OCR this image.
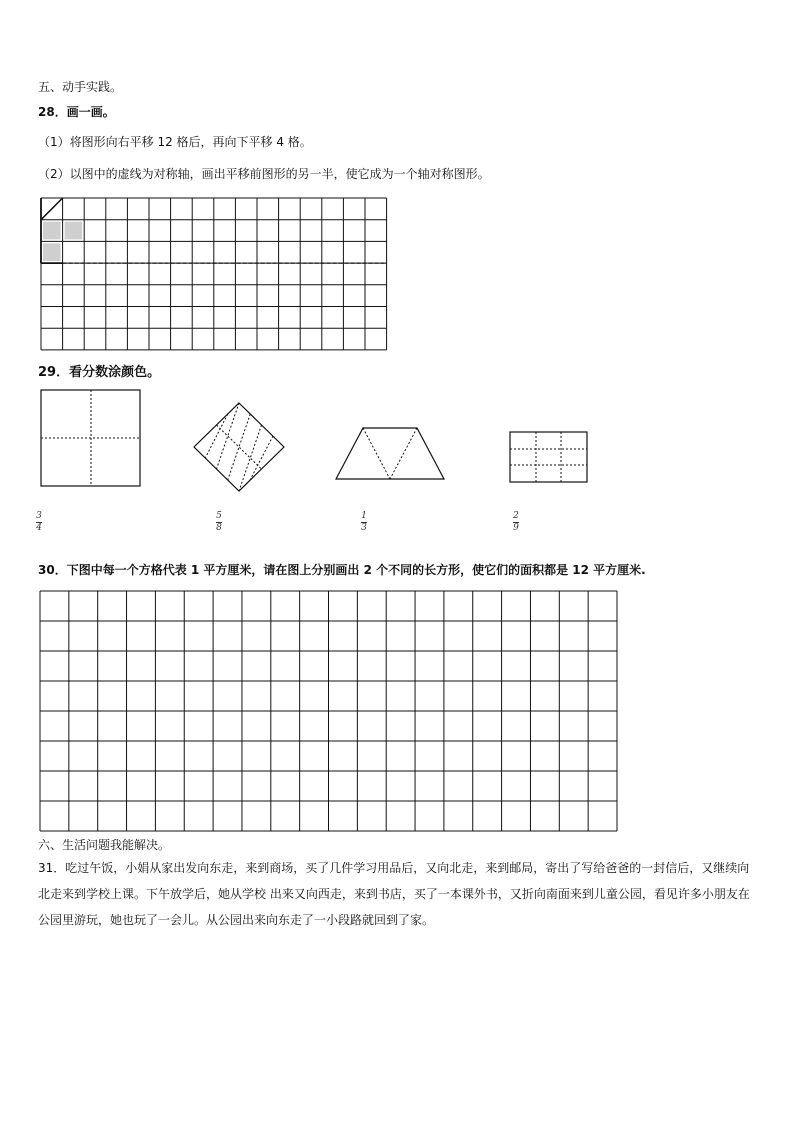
五、动手实践。
28．画一画。
（1）将图形向右平移 12 格后，再向下平移 4 格。
（2）以图中的虚线为对称轴，画出平移前图形的另一半，使它成为一个轴对称图形。
29．看分数涂颜色。
3
4
5
8
1
3
2
9
30．下图中每一个方格代表 1 平方厘米，请在图上分别画出 2 个不同的长方形，使它们的面积都是 12 平方厘米.
六、生活问题我能解决。
31．吃过午饭，小娟从家出发向东走，来到商场，买了几件学习用品后，又向北走，来到邮局，寄出了写给爸爸的一封信后，又继续向北走来到学校上课。下午放学后，她从学校 出来又向西走，来到书店，买了一本课外书，又折向南面来到儿童公园，看见许多小朋友在公园里游玩，她也玩了一会儿。从公园出来向东走了一小段路就回到了家。
